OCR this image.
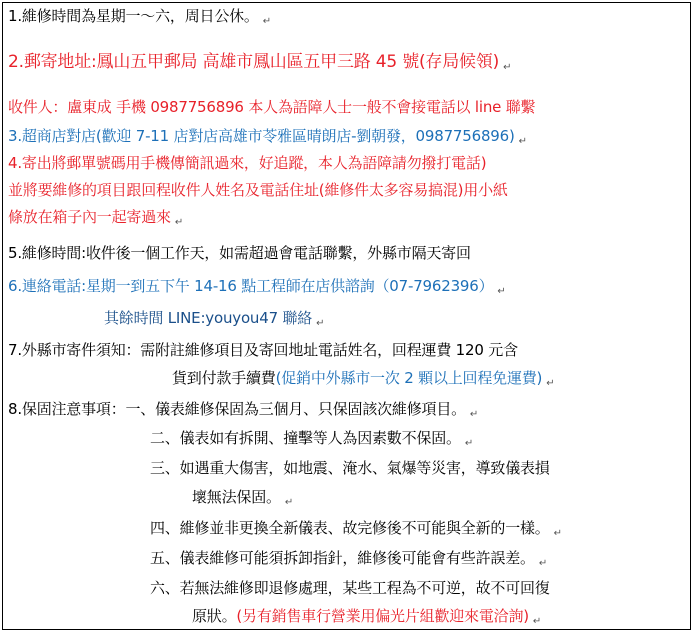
1.維修時間為星期一～六，周日公休。 $_↵$
2.郵寄地址:鳳山五甲郵局 高雄市鳳山區五甲三路 45 號(存局候領) ↵
收件人：盧東成 手機 0987756896 本人為語障人士一般不會接電話以 line 聯繫
3.超商店對店(歡迎 7-11 店對店高雄市苓雅區晴朗店-劉朝發，0987756896) $_↵$
4.寄出將郵單號碼用手機傳簡訊過來，好追蹤，本人為語障請勿撥打電話)
並將要維修的項目跟回程收件人姓名及電話住址(維修件太多容易搞混)用小紙
條放在箱子內一起寄過來 $_↵$
5.維修時間:收件後一個工作天，如需超過會電話聯繫，外縣市隔天寄回
6.連絡電話:星期一到五下午 14-16 點工程師在店供諮詢（07-7962396） $_↵$
其餘時間 LINE:youyou47 聯絡 $_↵$
7.外縣市寄件須知：需附註維修項目及寄回地址電話姓名，回程運費 120 元含
貨到付款手續費(促銷中外縣市一次 2 顆以上回程免運費) $_↵$
8.保固注意事項：一、儀表維修保固為三個月、只保固該次維修項目。 $_↵$
二、儀表如有拆開、撞擊等人為因素數不保固。 $_↵$
三、如遇重大傷害，如地震、淹水、氣爆等災害，導致儀表損
壞無法保固。 $_↵$
四、維修並非更換全新儀表、故完修後不可能與全新的一樣。 $_↵$
五、儀表維修可能須拆卸指針，維修後可能會有些許誤差。 $_↵$
六、若無法維修即退修處理，某些工程為不可逆，故不可回復
原狀。(另有銷售車行營業用偏光片組歡迎來電洽詢) $_↵$
